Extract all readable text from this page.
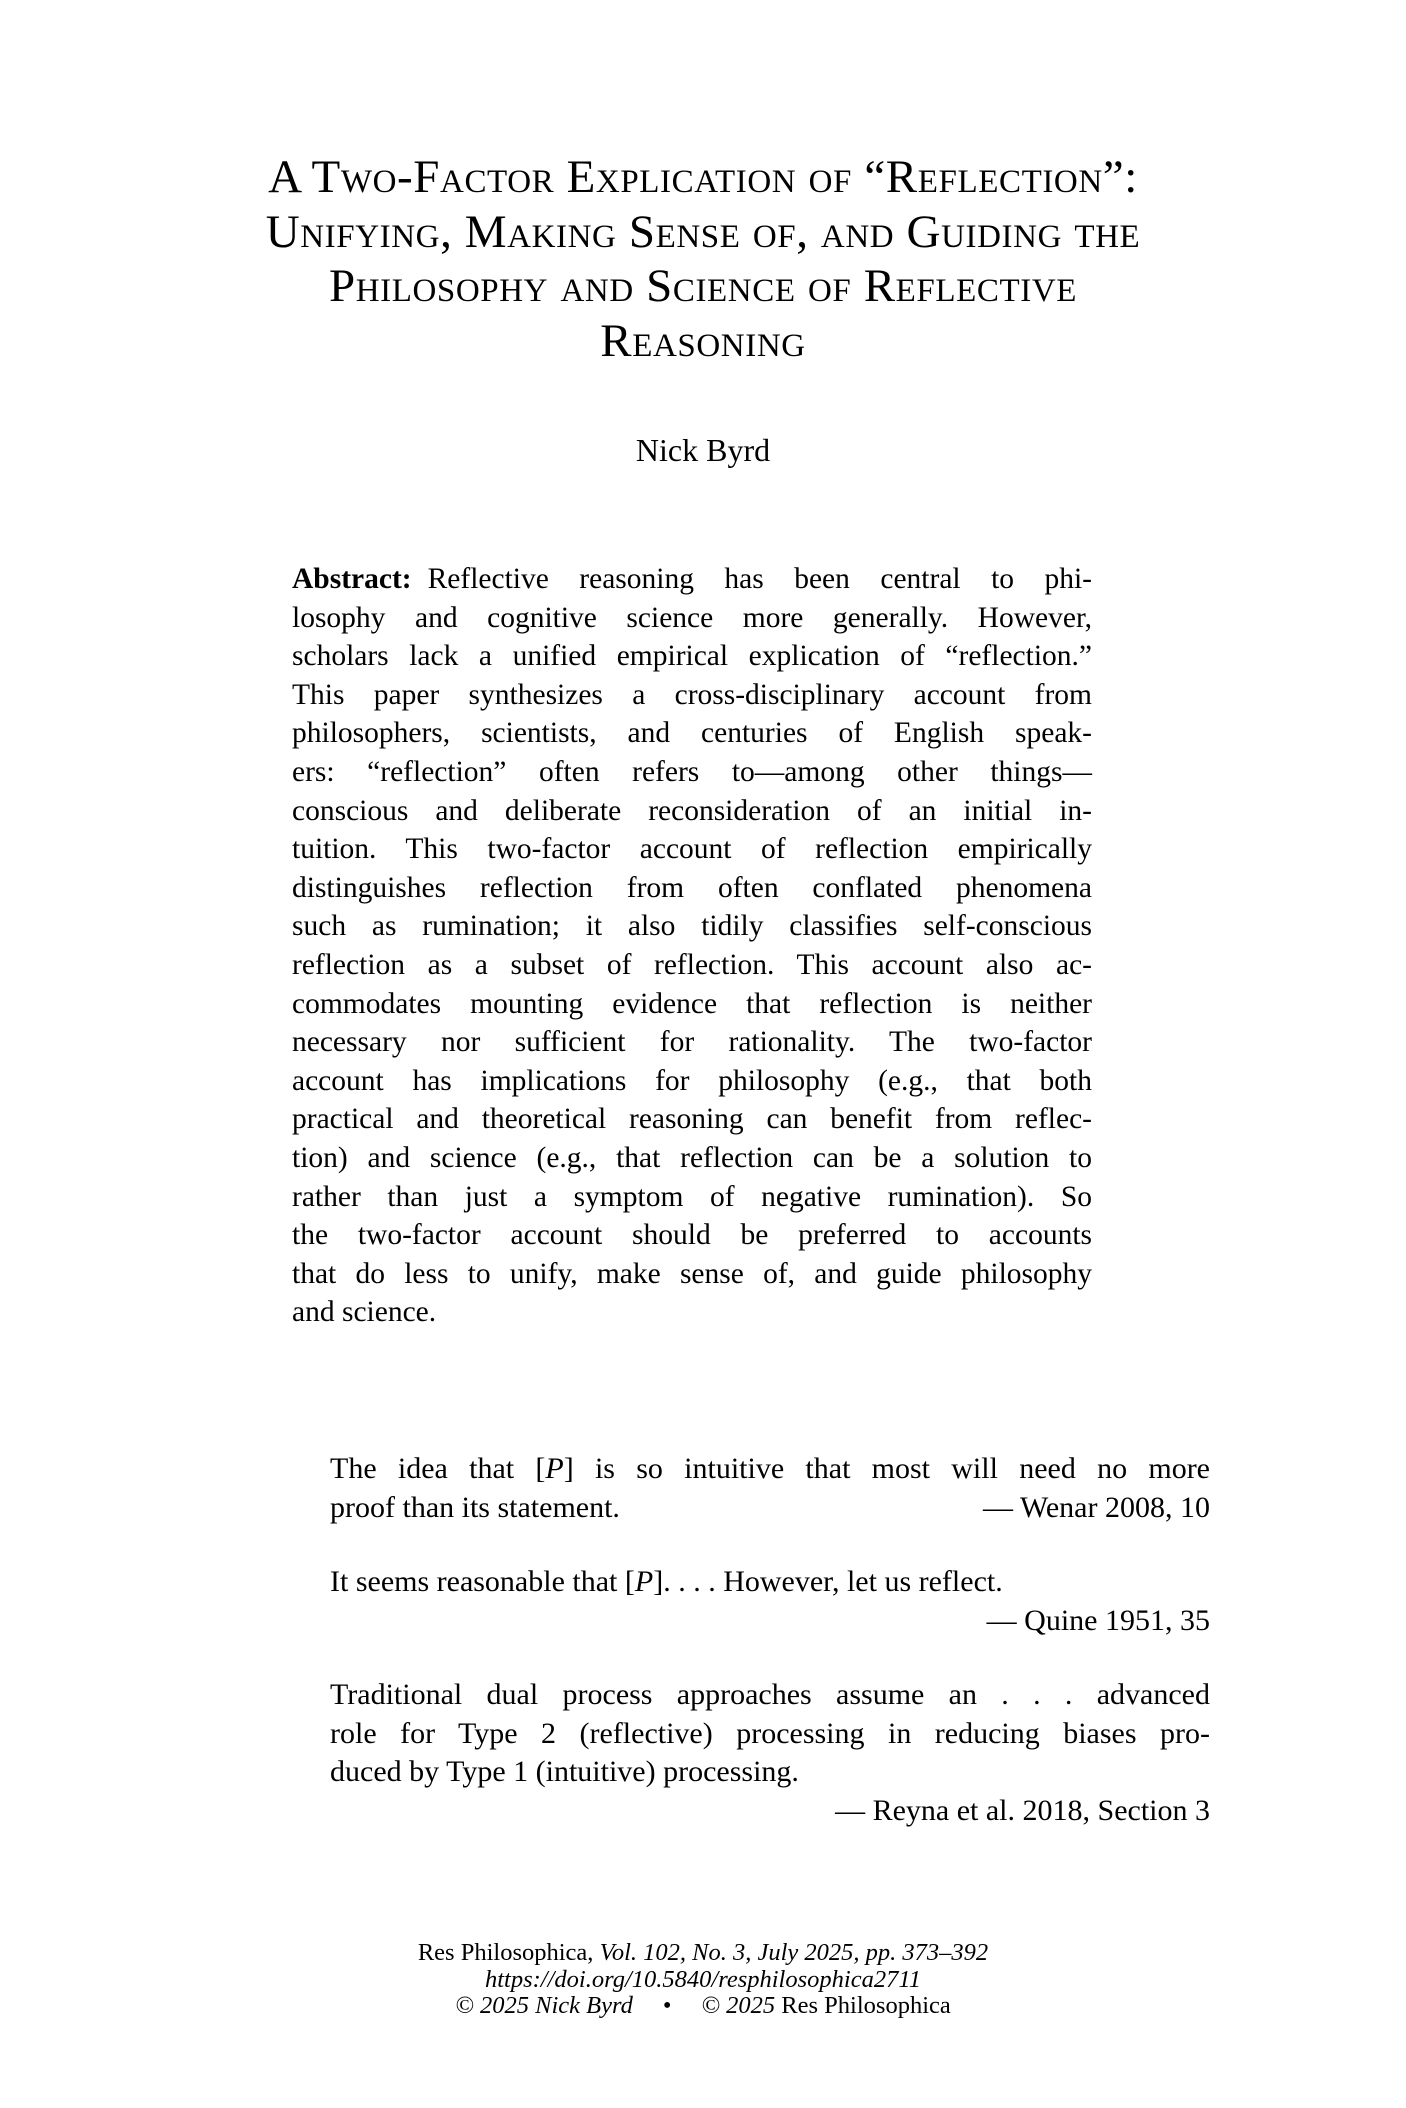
A Two-Factor Explication of “Reflection”:
Unifying, Making Sense of, and Guiding the
Philosophy and Science of Reflective
Reasoning
Nick Byrd
Abstract: Reflective reasoning has been central to phi-
losophy and cognitive science more generally. However,
scholars lack a unified empirical explication of “reflection.”
This paper synthesizes a cross-disciplinary account from
philosophers, scientists, and centuries of English speak-
ers: “reflection” often refers to—among other things—
conscious and deliberate reconsideration of an initial in-
tuition. This two-factor account of reflection empirically
distinguishes reflection from often conflated phenomena
such as rumination; it also tidily classifies self-conscious
reflection as a subset of reflection. This account also ac-
commodates mounting evidence that reflection is neither
necessary nor sufficient for rationality. The two-factor
account has implications for philosophy (e.g., that both
practical and theoretical reasoning can benefit from reflec-
tion) and science (e.g., that reflection can be a solution to
rather than just a symptom of negative rumination). So
the two-factor account should be preferred to accounts
that do less to unify, make sense of, and guide philosophy
and science.
The idea that [P] is so intuitive that most will need no more
proof than its statement.	— Wenar 2008, 10
It seems reasonable that [P]. . . . However, let us reflect.
— Quine 1951, 35
Traditional dual process approaches assume an . . . advanced
role for Type 2 (reflective) processing in reducing biases pro-
duced by Type 1 (intuitive) processing.
— Reyna et al. 2018, Section 3
Res Philosophica, Vol. 102, No. 3, July 2025, pp. 373–392
https://doi.org/10.5840/resphilosophica2711
© 2025 Nick Byrd • © 2025 Res Philosophica
